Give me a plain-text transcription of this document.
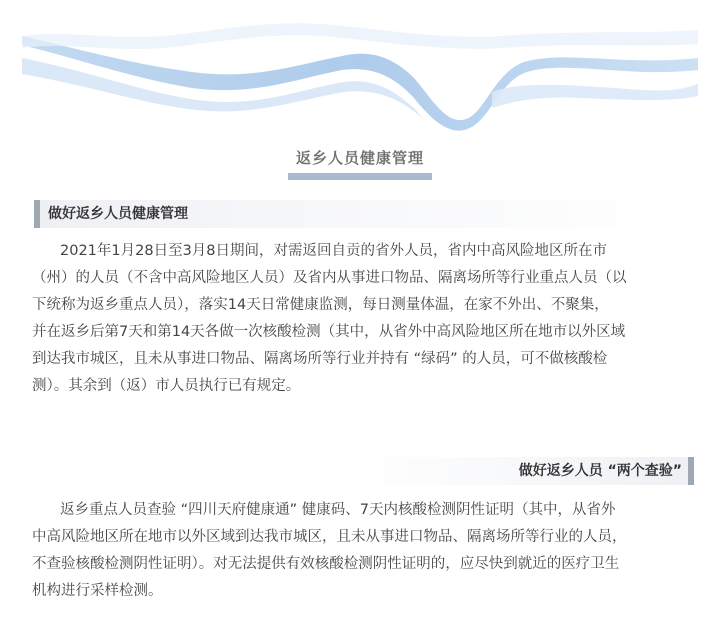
返乡人员健康管理
做好返乡人员健康管理
2021年1月28日至3月8日期间，对需返回自贡的省外人员，省内中高风险地区所在市
（州）的人员（不含中高风险地区人员）及省内从事进口物品、隔离场所等行业重点人员（以
下统称为返乡重点人员），落实14天日常健康监测，每日测量体温，在家不外出、不聚集，
并在返乡后第7天和第14天各做一次核酸检测（其中，从省外中高风险地区所在地市以外区域
到达我市城区，且未从事进口物品、隔离场所等行业并持有 “绿码” 的人员，可不做核酸检
测）。其余到（返）市人员执行已有规定。
做好返乡人员 “两个查验”
返乡重点人员查验 “四川天府健康通” 健康码、7天内核酸检测阴性证明（其中，从省外
中高风险地区所在地市以外区域到达我市城区，且未从事进口物品、隔离场所等行业的人员，
不查验核酸检测阴性证明）。对无法提供有效核酸检测阴性证明的，应尽快到就近的医疗卫生
机构进行采样检测。
